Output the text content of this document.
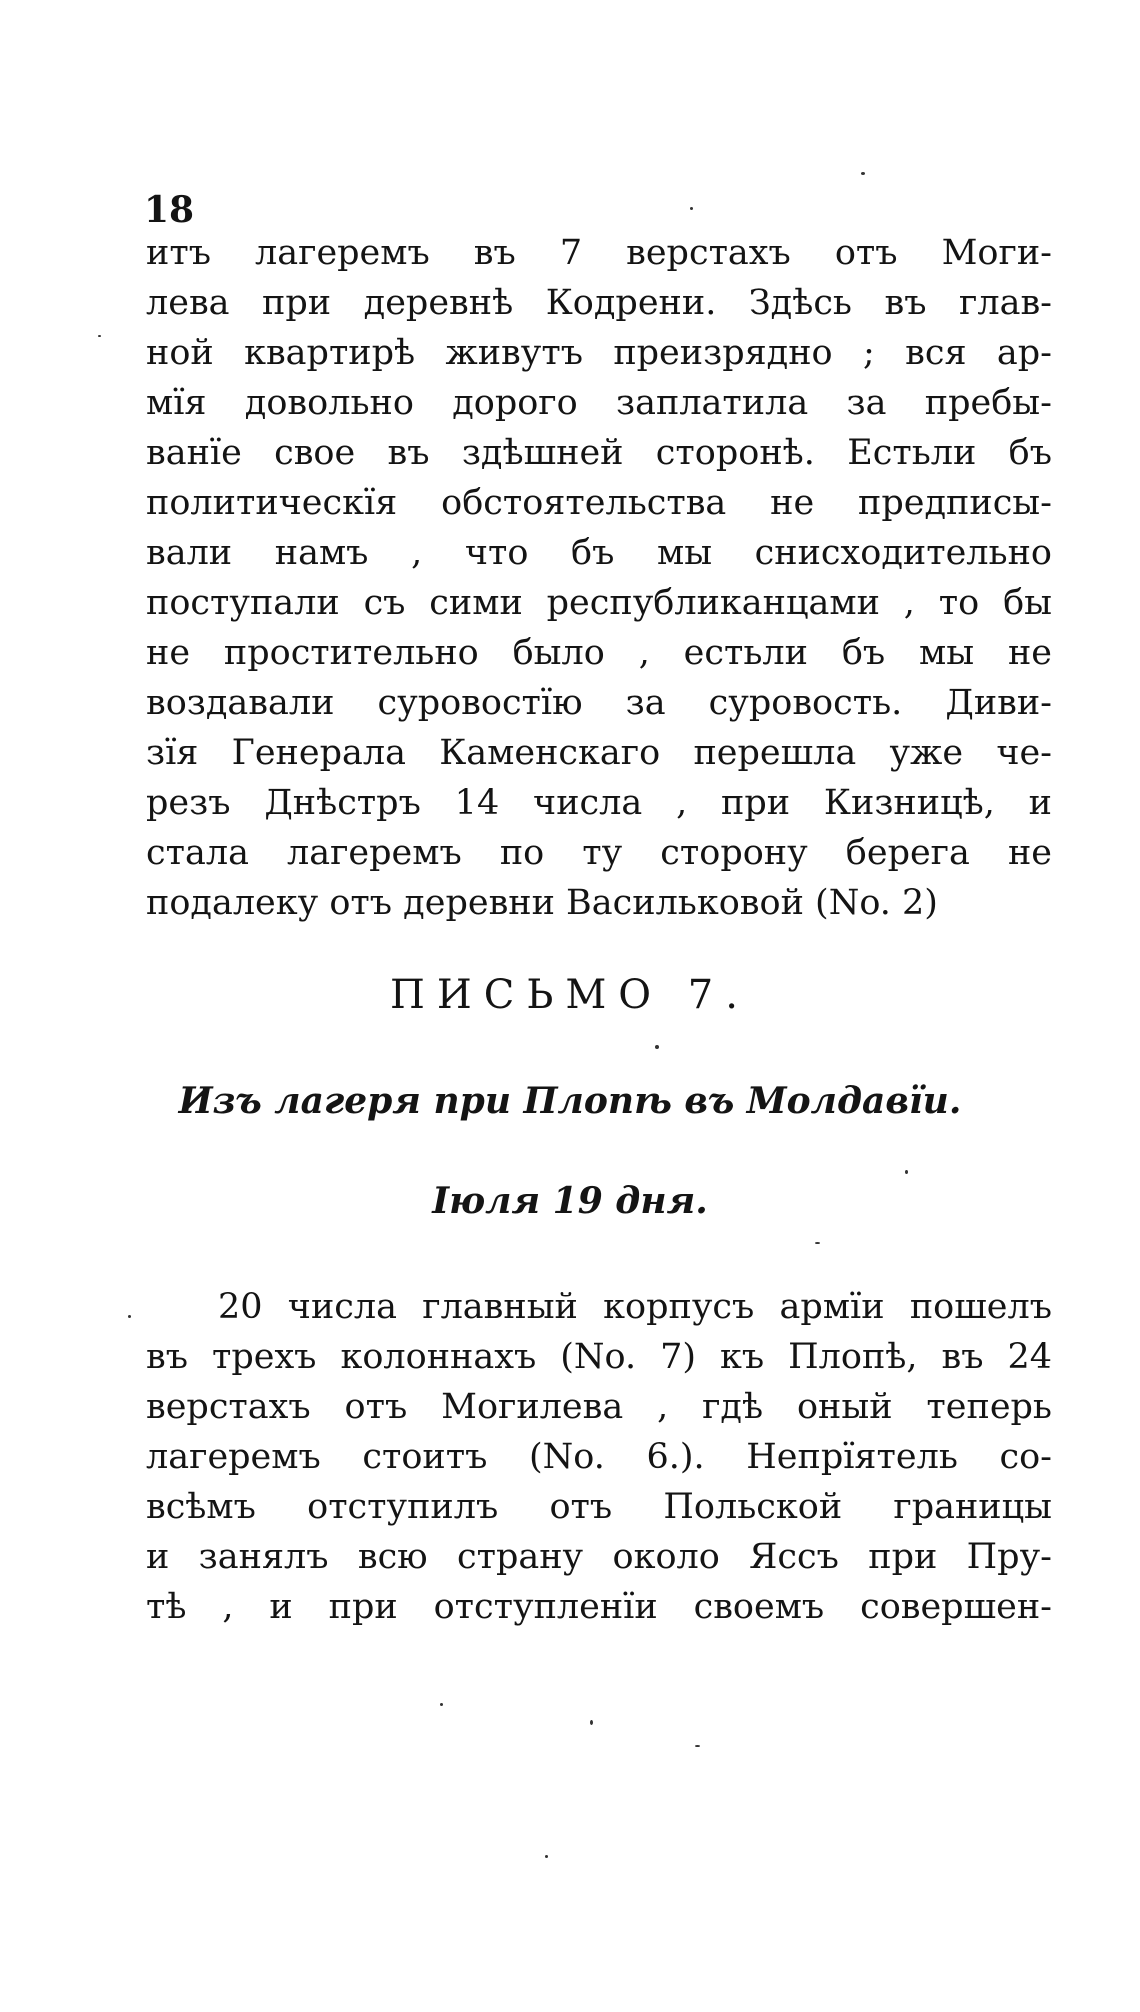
18
итъ лагеремъ въ 7 верстахъ отъ Моги-
лева при деревнѣ Кодрени. Здѣсь въ глав-
ной квартирѣ живутъ преизрядно ; вся ар-
мїя довольно дорого заплатила за пребы-
ванїе свое въ здѣшней сторонѣ. Естьли бъ
политическїя обстоятельства не предписы-
вали намъ , что бъ мы снисходительно
поступали съ сими республиканцами , то бы
не простительно было , естьли бъ мы не
воздавали суровостїю за суровость. Диви-
зїя Генерала Каменскаго перешла уже че-
резъ Днѣстръ 14 числа , при Кизницѣ, и
стала лагеремъ по ту сторону берега не
подалеку отъ деревни Васильковой (No. 2)
ПИСЬМО 7.
Изъ лагеря при Плопѣ въ Молдавїи.
Iюля 19 дня.
20 числа главный корпусъ армїи пошелъ
въ трехъ колоннахъ (No. 7) къ Плопѣ, въ 24
верстахъ отъ Могилева , гдѣ оный теперь
лагеремъ стоитъ (No. 6.). Непрїятель со-
всѣмъ отступилъ отъ Польской границы
и занялъ всю страну около Яссъ при Пру-
тѣ , и при отступленїи своемъ совершен-
